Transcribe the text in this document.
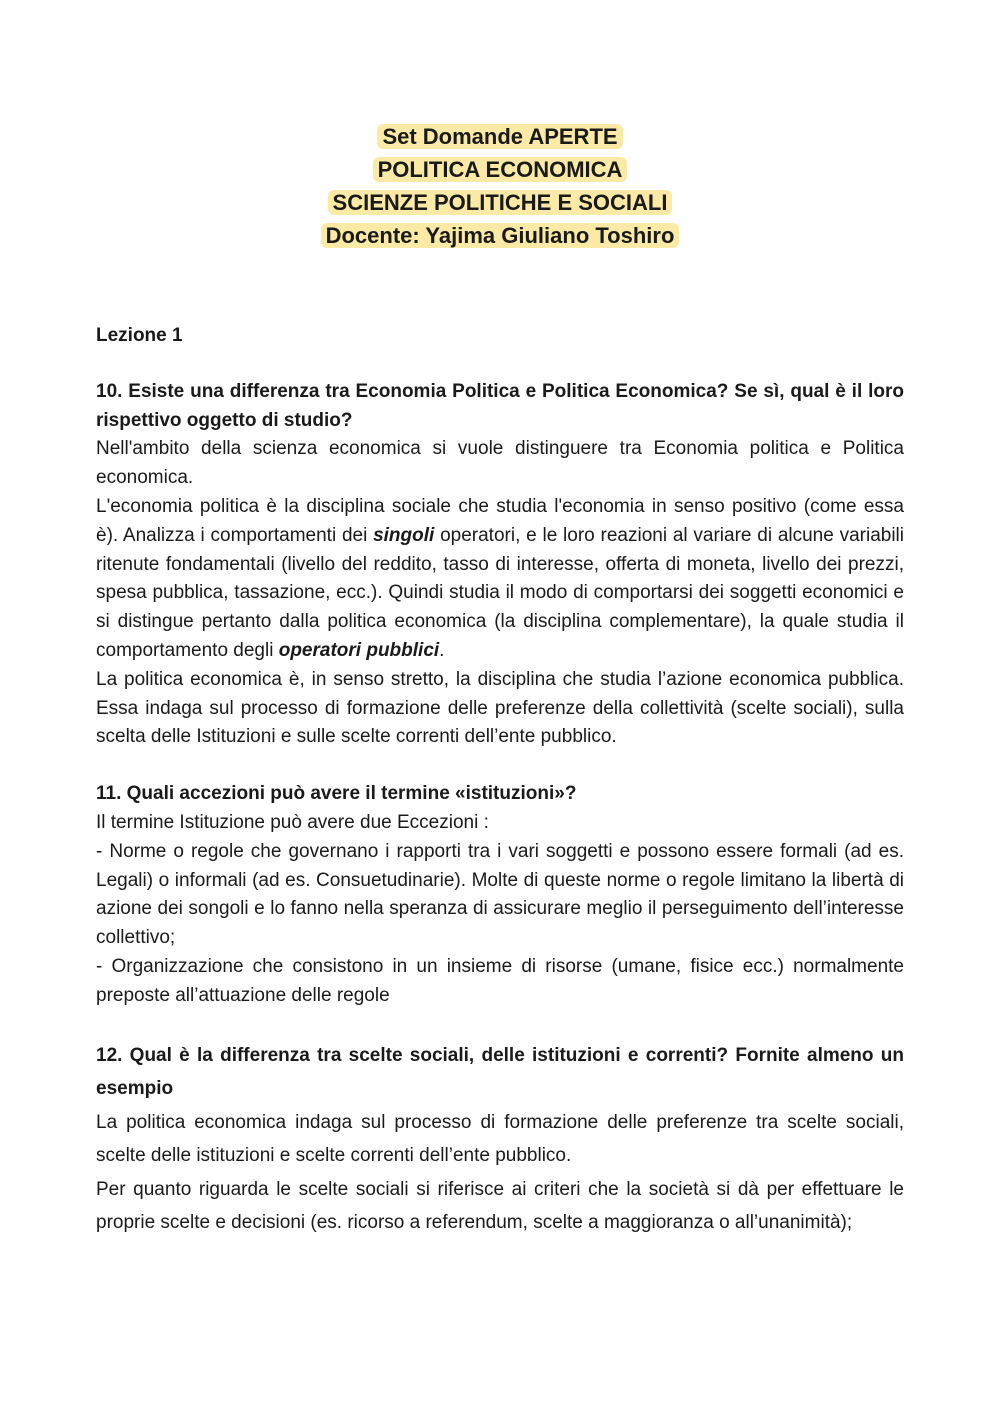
Set Domande APERTE
POLITICA ECONOMICA
SCIENZE POLITICHE E SOCIALI
Docente: Yajima Giuliano Toshiro

Lezione 1

10. Esiste una differenza tra Economia Politica e Politica Economica? Se sì, qual è il loro rispettivo oggetto di studio?

Nell'ambito della scienza economica si vuole distinguere tra Economia politica e Politica economica.

L'economia politica è la disciplina sociale che studia l'economia in senso positivo (come essa è). Analizza i comportamenti dei singoli operatori, e le loro reazioni al variare di alcune variabili ritenute fondamentali (livello del reddito, tasso di interesse, offerta di moneta, livello dei prezzi, spesa pubblica, tassazione, ecc.). Quindi studia il modo di comportarsi dei soggetti economici e si distingue pertanto dalla politica economica (la disciplina complementare), la quale studia il comportamento degli operatori pubblici.

La politica economica è, in senso stretto, la disciplina che studia l’azione economica pubblica. Essa indaga sul processo di formazione delle preferenze della collettività (scelte sociali), sulla scelta delle Istituzioni e sulle scelte correnti dell’ente pubblico.

11. Quali accezioni può avere il termine «istituzioni»?

Il termine Istituzione può avere due Eccezioni :

- Norme o regole che governano i rapporti tra i vari soggetti e possono essere formali (ad es. Legali) o informali (ad es. Consuetudinarie). Molte di queste norme o regole limitano la libertà di azione dei songoli e lo fanno nella speranza di assicurare meglio il perseguimento dell’interesse collettivo;

- Organizzazione che consistono in un insieme di risorse (umane, fisice ecc.) normalmente preposte all’attuazione delle regole

12. Qual è la differenza tra scelte sociali, delle istituzioni e correnti? Fornite almeno un esempio

La politica economica indaga sul processo di formazione delle preferenze tra scelte sociali, scelte delle istituzioni e scelte correnti dell’ente pubblico.

Per quanto riguarda le scelte sociali si riferisce ai criteri che la società si dà per effettuare le proprie scelte e decisioni (es. ricorso a referendum, scelte a maggioranza o all’unanimità);
